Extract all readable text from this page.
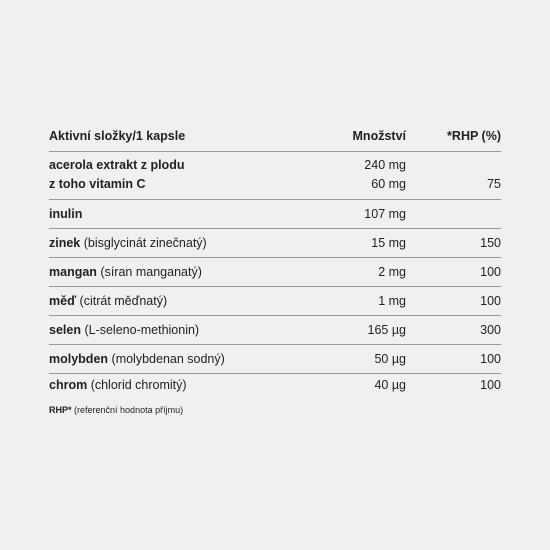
Aktivní složky/1 kapsle	Množství	*RHP (%)
acerola extrakt z plodu	240 mg
z toho vitamin C	60 mg	75
inulin	107 mg
zinek (bisglycinát zinečnatý)	15 mg	150
mangan (síran manganatý)	2 mg	100
měď (citrát měďnatý)	1 mg	100
selen (L-seleno-methionin)	165 µg	300
molybden (molybdenan sodný)	50 µg	100
chrom (chlorid chromitý)	40 µg	100
RHP* (referenční hodnota příjmu)
